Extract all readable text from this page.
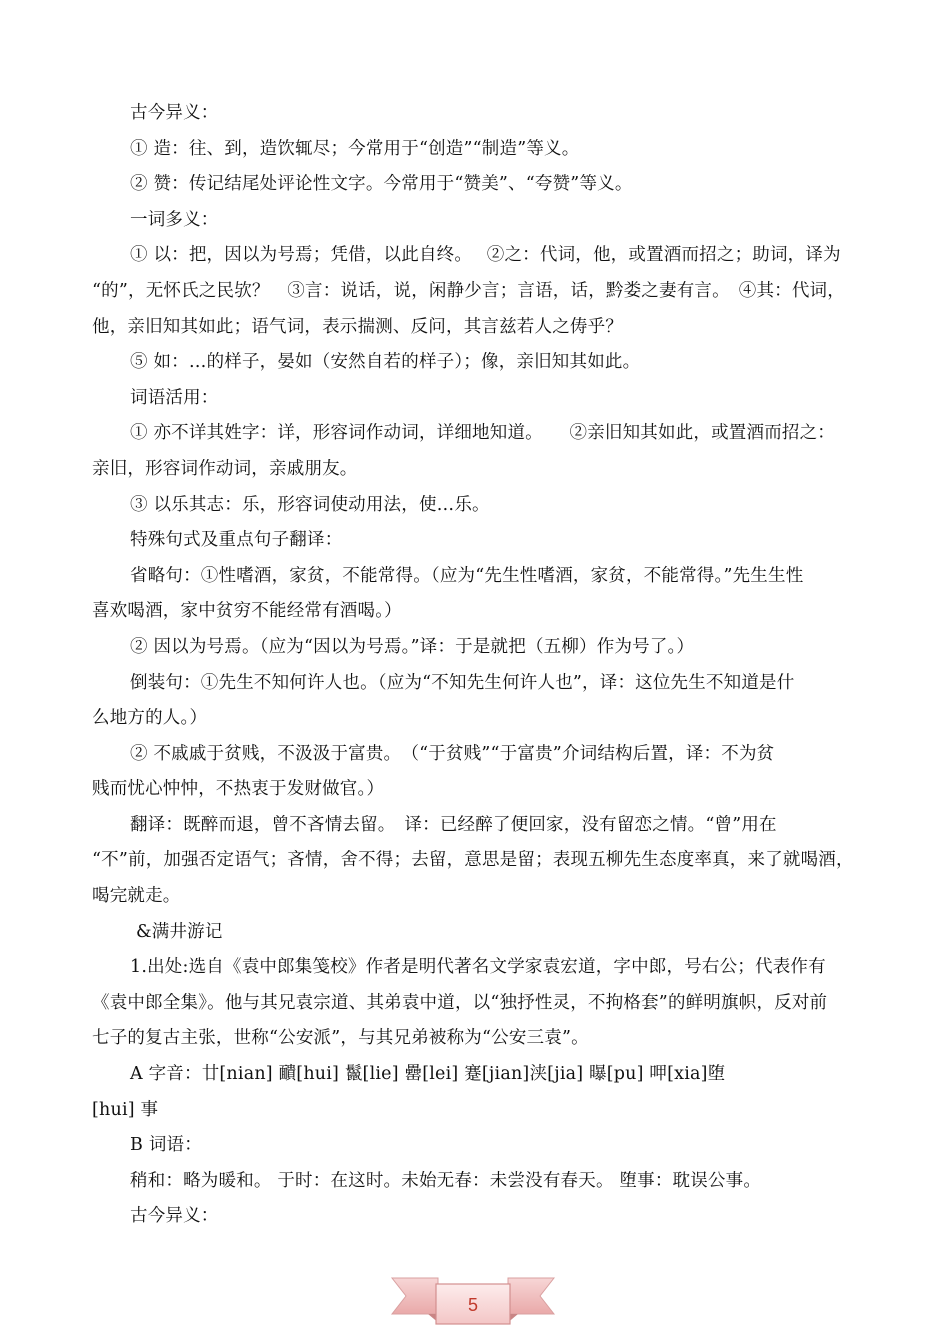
古今异义：
① 造：往、到，造饮辄尽；今常用于“创造”“制造”等义。
② 赞：传记结尾处评论性文字。今常用于“赞美”、“夸赞”等义。
一词多义：
① 以：把，因以为号焉；凭借，以此自终。　 ②之：代词，他，或置酒而招之；助词，译为
“的”，无怀氏之民欤？　③言：说话，说，闲静少言；言语，话，黔娄之妻有言。　④其：代词，
他，亲旧知其如此；语气词，表示揣测、反问，其言兹若人之俦乎？
⑤ 如：…的样子，晏如（安然自若的样子）；像，亲旧知其如此。
词语活用：
① 亦不详其姓字：详，形容词作动词，详细地知道。　　②亲旧知其如此，或置酒而招之：
亲旧，形容词作动词，亲戚朋友。
③ 以乐其志：乐，形容词使动用法，使…乐。
特殊句式及重点句子翻译：
省略句：①性嗜酒，家贫，不能常得。（应为“先生性嗜酒，家贫，不能常得。”先生生性
喜欢喝酒，家中贫穷不能经常有酒喝。）
② 因以为号焉。（应为“因以为号焉。”译：于是就把（五柳）作为号了。）
倒装句：①先生不知何许人也。（应为“不知先生何许人也”，译：这位先生不知道是什
么地方的人。）
② 不戚戚于贫贱，不汲汲于富贵。　（“于贫贱”“于富贵”介词结构后置，译：不为贫
贱而忧心忡忡，不热衷于发财做官。）
翻译：既醉而退，曾不吝情去留。　译：已经醉了便回家，没有留恋之情。“曾”用在
“不”前，加强否定语气；吝情，舍不得；去留，意思是留；表现五柳先生态度率真，来了就喝酒，
喝完就走。
&满井游记
1.出处:选自《袁中郎集笺校》作者是明代著名文学家袁宏道，字中郎，号右公；代表作有
《袁中郎全集》。他与其兄袁宗道、其弟袁中道，以“独抒性灵，不拘格套”的鲜明旗帜，反对前
七子的复古主张，世称“公安派”，与其兄弟被称为“公安三袁”。
A 字音：廿[nian] 靧[hui] 鬣[lie] 罍[lei] 蹇[jian]浃[jia] 曝[pu] 呷[xia]堕
[hui] 事
B 词语：
稍和：略为暖和。 于时：在这时。未始无春：未尝没有春天。 堕事：耽误公事。
古今异义：
5
